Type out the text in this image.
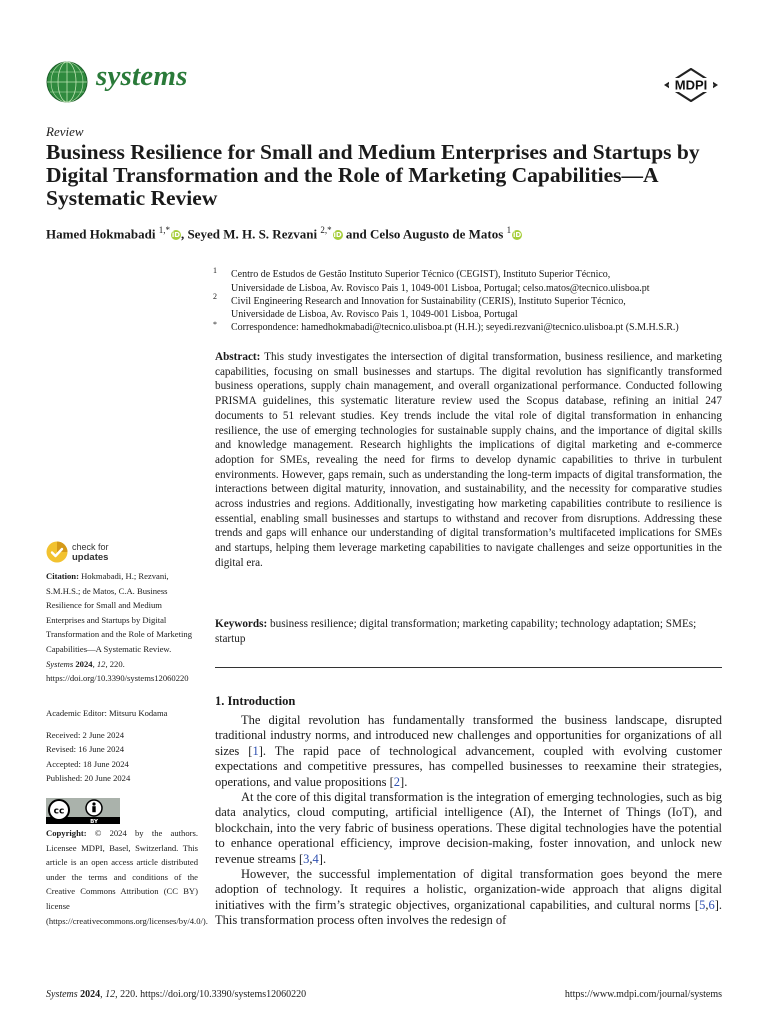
systems	MDPI
Review
Business Resilience for Small and Medium Enterprises and Startups by Digital Transformation and the Role of Marketing Capabilities—A Systematic Review
Hamed Hokmabadi $^{1,*}$iD, Seyed M. H. S. Rezvani $^{2,*}$iD and Celso Augusto de Matos $^1$iD
1 Centro de Estudos de Gestão Instituto Superior Técnico (CEGIST), Instituto Superior Técnico,
Universidade de Lisboa, Av. Rovisco Pais 1, 1049-001 Lisboa, Portugal; celso.matos@tecnico.ulisboa.pt
2 Civil Engineering Research and Innovation for Sustainability (CERIS), Instituto Superior Técnico,
Universidade de Lisboa, Av. Rovisco Pais 1, 1049-001 Lisboa, Portugal
* Correspondence: hamedhokmabadi@tecnico.ulisboa.pt (H.H.); seyedi.rezvani@tecnico.ulisboa.pt (S.M.H.S.R.)
Abstract: This study investigates the intersection of digital transformation, business resilience, and marketing capabilities, focusing on small businesses and startups. The digital revolution has significantly transformed business operations, supply chain management, and overall organizational performance. Conducted following PRISMA guidelines, this systematic literature review used the Scopus database, refining an initial 247 documents to 51 relevant studies. Key trends include the vital role of digital transformation in enhancing resilience, the use of emerging technologies for sustainable supply chains, and the importance of digital skills and knowledge management. Research highlights the implications of digital marketing and e-commerce adoption for SMEs, revealing the need for firms to develop dynamic capabilities to thrive in turbulent environments. However, gaps remain, such as understanding the long-term impacts of digital transformation, the interactions between digital maturity, innovation, and sustainability, and the necessity for comparative studies across industries and regions. Additionally, investigating how marketing capabilities contribute to resilience is essential, enabling small businesses and startups to withstand and recover from disruptions. Addressing these trends and gaps will enhance our understanding of digital transformation’s multifaceted implications for SMEs and startups, helping them leverage marketing capabilities to navigate challenges and seize opportunities in the digital era.
Keywords: business resilience; digital transformation; marketing capability; technology adaptation; SMEs; startup
1. Introduction

The digital revolution has fundamentally transformed the business landscape, disrupted traditional industry norms, and introduced new challenges and opportunities for organizations of all sizes [1]. The rapid pace of technological advancement, coupled with evolving customer expectations and competitive pressures, has compelled businesses to reexamine their strategies, operations, and value propositions [2].

At the core of this digital transformation is the integration of emerging technologies, such as big data analytics, cloud computing, artificial intelligence (AI), the Internet of Things (IoT), and blockchain, into the very fabric of business operations. These digital technologies have the potential to enhance operational efficiency, improve decision-making, foster innovation, and unlock new revenue streams [3,4].

However, the successful implementation of digital transformation goes beyond the mere adoption of technology. It requires a holistic, organization-wide approach that aligns digital initiatives with the firm’s strategic objectives, organizational capabilities, and cultural norms [5,6]. This transformation process often involves the redesign of

check for
updates
Citation: Hokmabadi, H.; Rezvani, S.M.H.S.; de Matos, C.A. Business Resilience for Small and Medium Enterprises and Startups by Digital Transformation and the Role of Marketing Capabilities—A Systematic Review. Systems 2024, 12, 220. https://doi.org/10.3390/systems12060220
Academic Editor: Mitsuru Kodama
Received: 2 June 2024
Revised: 16 June 2024
Accepted: 18 June 2024
Published: 20 June 2024
cc
BY
Copyright: © 2024 by the authors. Licensee MDPI, Basel, Switzerland. This article is an open access article distributed under the terms and conditions of the Creative Commons Attribution (CC BY) license (https://creativecommons.org/licenses/by/4.0/).
Systems 2024, 12, 220. https://doi.org/10.3390/systems12060220	https://www.mdpi.com/journal/systems
